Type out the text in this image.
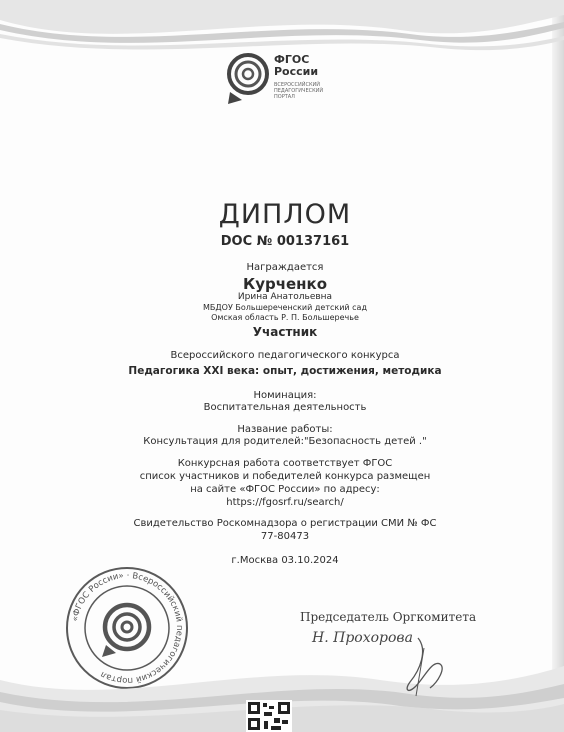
ФГОС
России
ВСЕРОССИЙСКИЙ ПЕДАГОГИЧЕСКИЙ ПОРТАЛ
ДИПЛОМ
DOC № 00137161
Награждается
Курченко
Ирина Анатольевна
МБДОУ Большереченский детский сад
Омская область Р. П. Большеречье
Участник
Всероссийского педагогического конкурса
Педагогика XXI века: опыт, достижения, методика
Номинация:
Воспитательная деятельность
Название работы:
Консультация для родителей:"Безопасность детей ."
Конкурсная работа соответствует ФГОС
список участников и победителей конкурса размещен
на сайте «ФГОС России» по адресу:
https://fgosrf.ru/search/
Свидетельство Роскомнадзора о регистрации СМИ № ФС
77-80473
г.Москва 03.10.2024
«ФГОС России» · Всероссийский педагогический портал
Председатель Оргкомитета
Н. Прохорова
